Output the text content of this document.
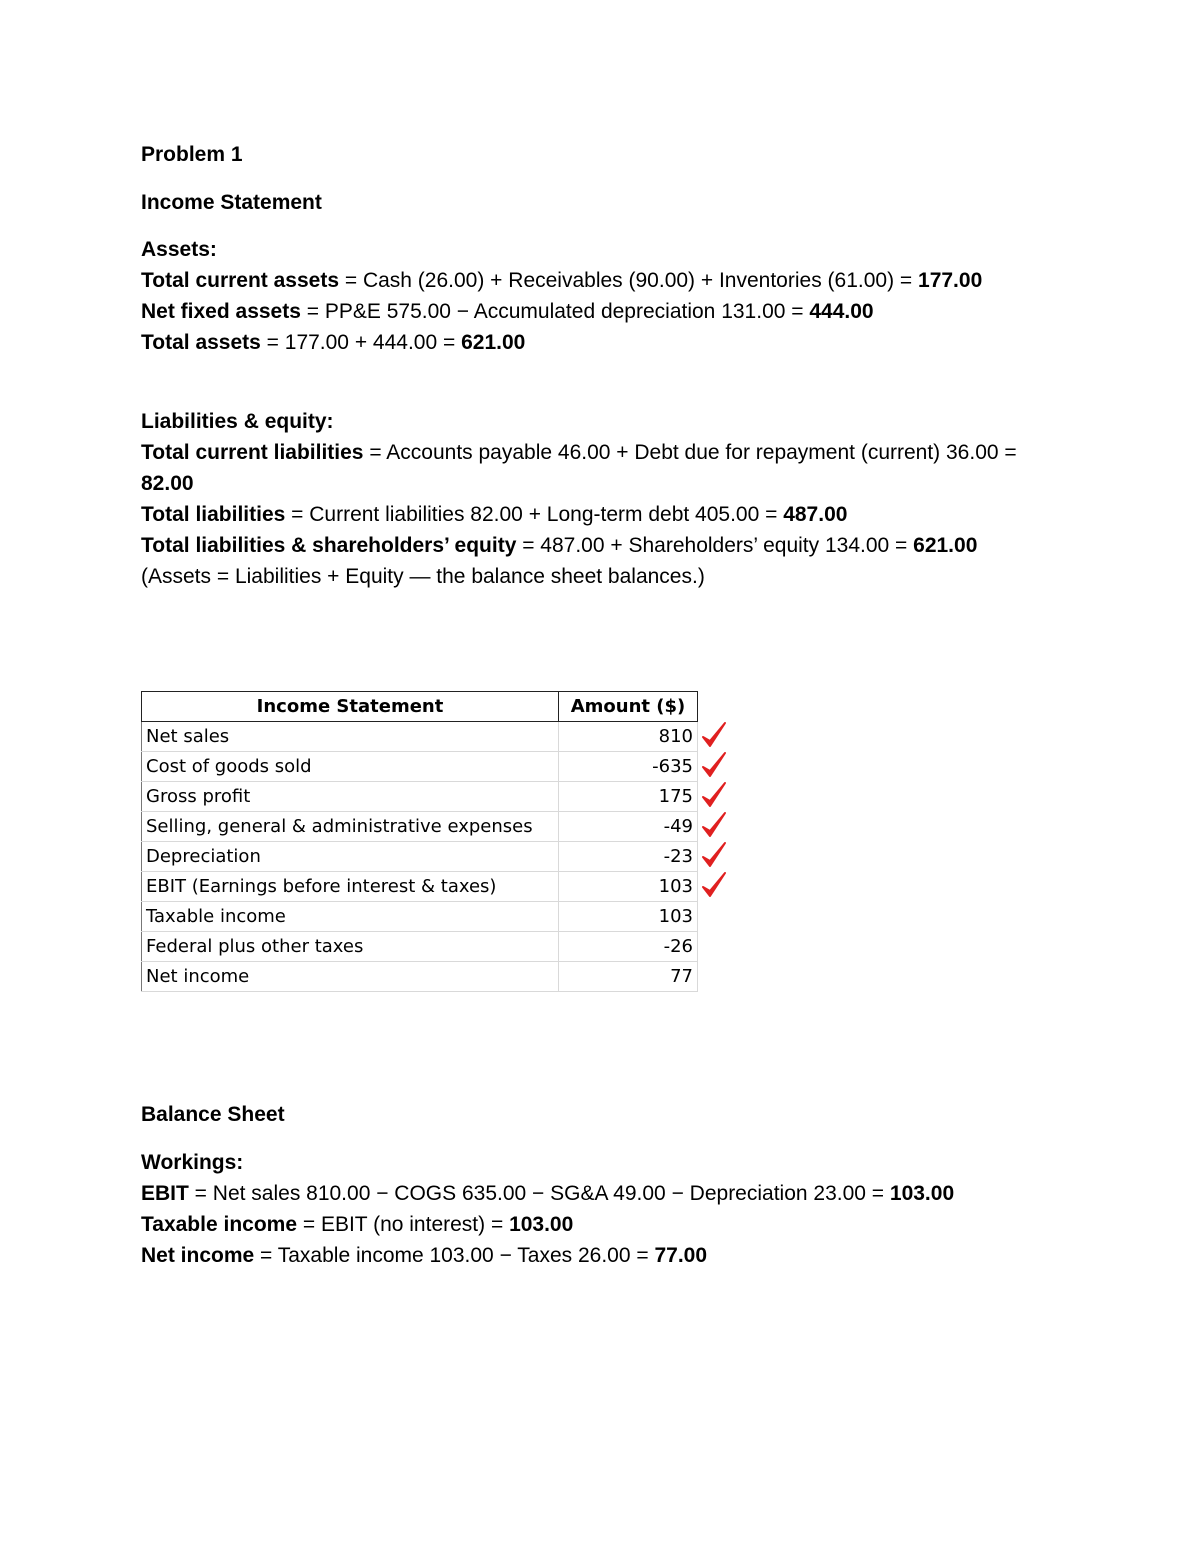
Problem 1
Income Statement

Assets:

Total current assets = Cash (26.00) + Receivables (90.00) + Inventories (61.00) = 177.00

Net fixed assets = PP&E 575.00 − Accumulated depreciation 131.00 = 444.00

Total assets = 177.00 + 444.00 = 621.00

Liabilities & equity:

Total current liabilities = Accounts payable 46.00 + Debt due for repayment (current) 36.00 = 82.00

Total liabilities = Current liabilities 82.00 + Long-term debt 405.00 = 487.00

Total liabilities & shareholders’ equity = 487.00 + Shareholders’ equity 134.00 = 621.00

(Assets = Liabilities + Equity — the balance sheet balances.)

Income Statement	Amount ($)
Net sales	810

Cost of goods sold	-635

Gross profit	175

Selling, general & administrative expenses	-49

Depreciation	-23

EBIT (Earnings before interest & taxes)	103

Taxable income	103
Federal plus other taxes	-26
Net income	77
Balance Sheet

Workings:

EBIT = Net sales 810.00 − COGS 635.00 − SG&A 49.00 − Depreciation 23.00 = 103.00

Taxable income = EBIT (no interest) = 103.00

Net income = Taxable income 103.00 − Taxes 26.00 = 77.00
